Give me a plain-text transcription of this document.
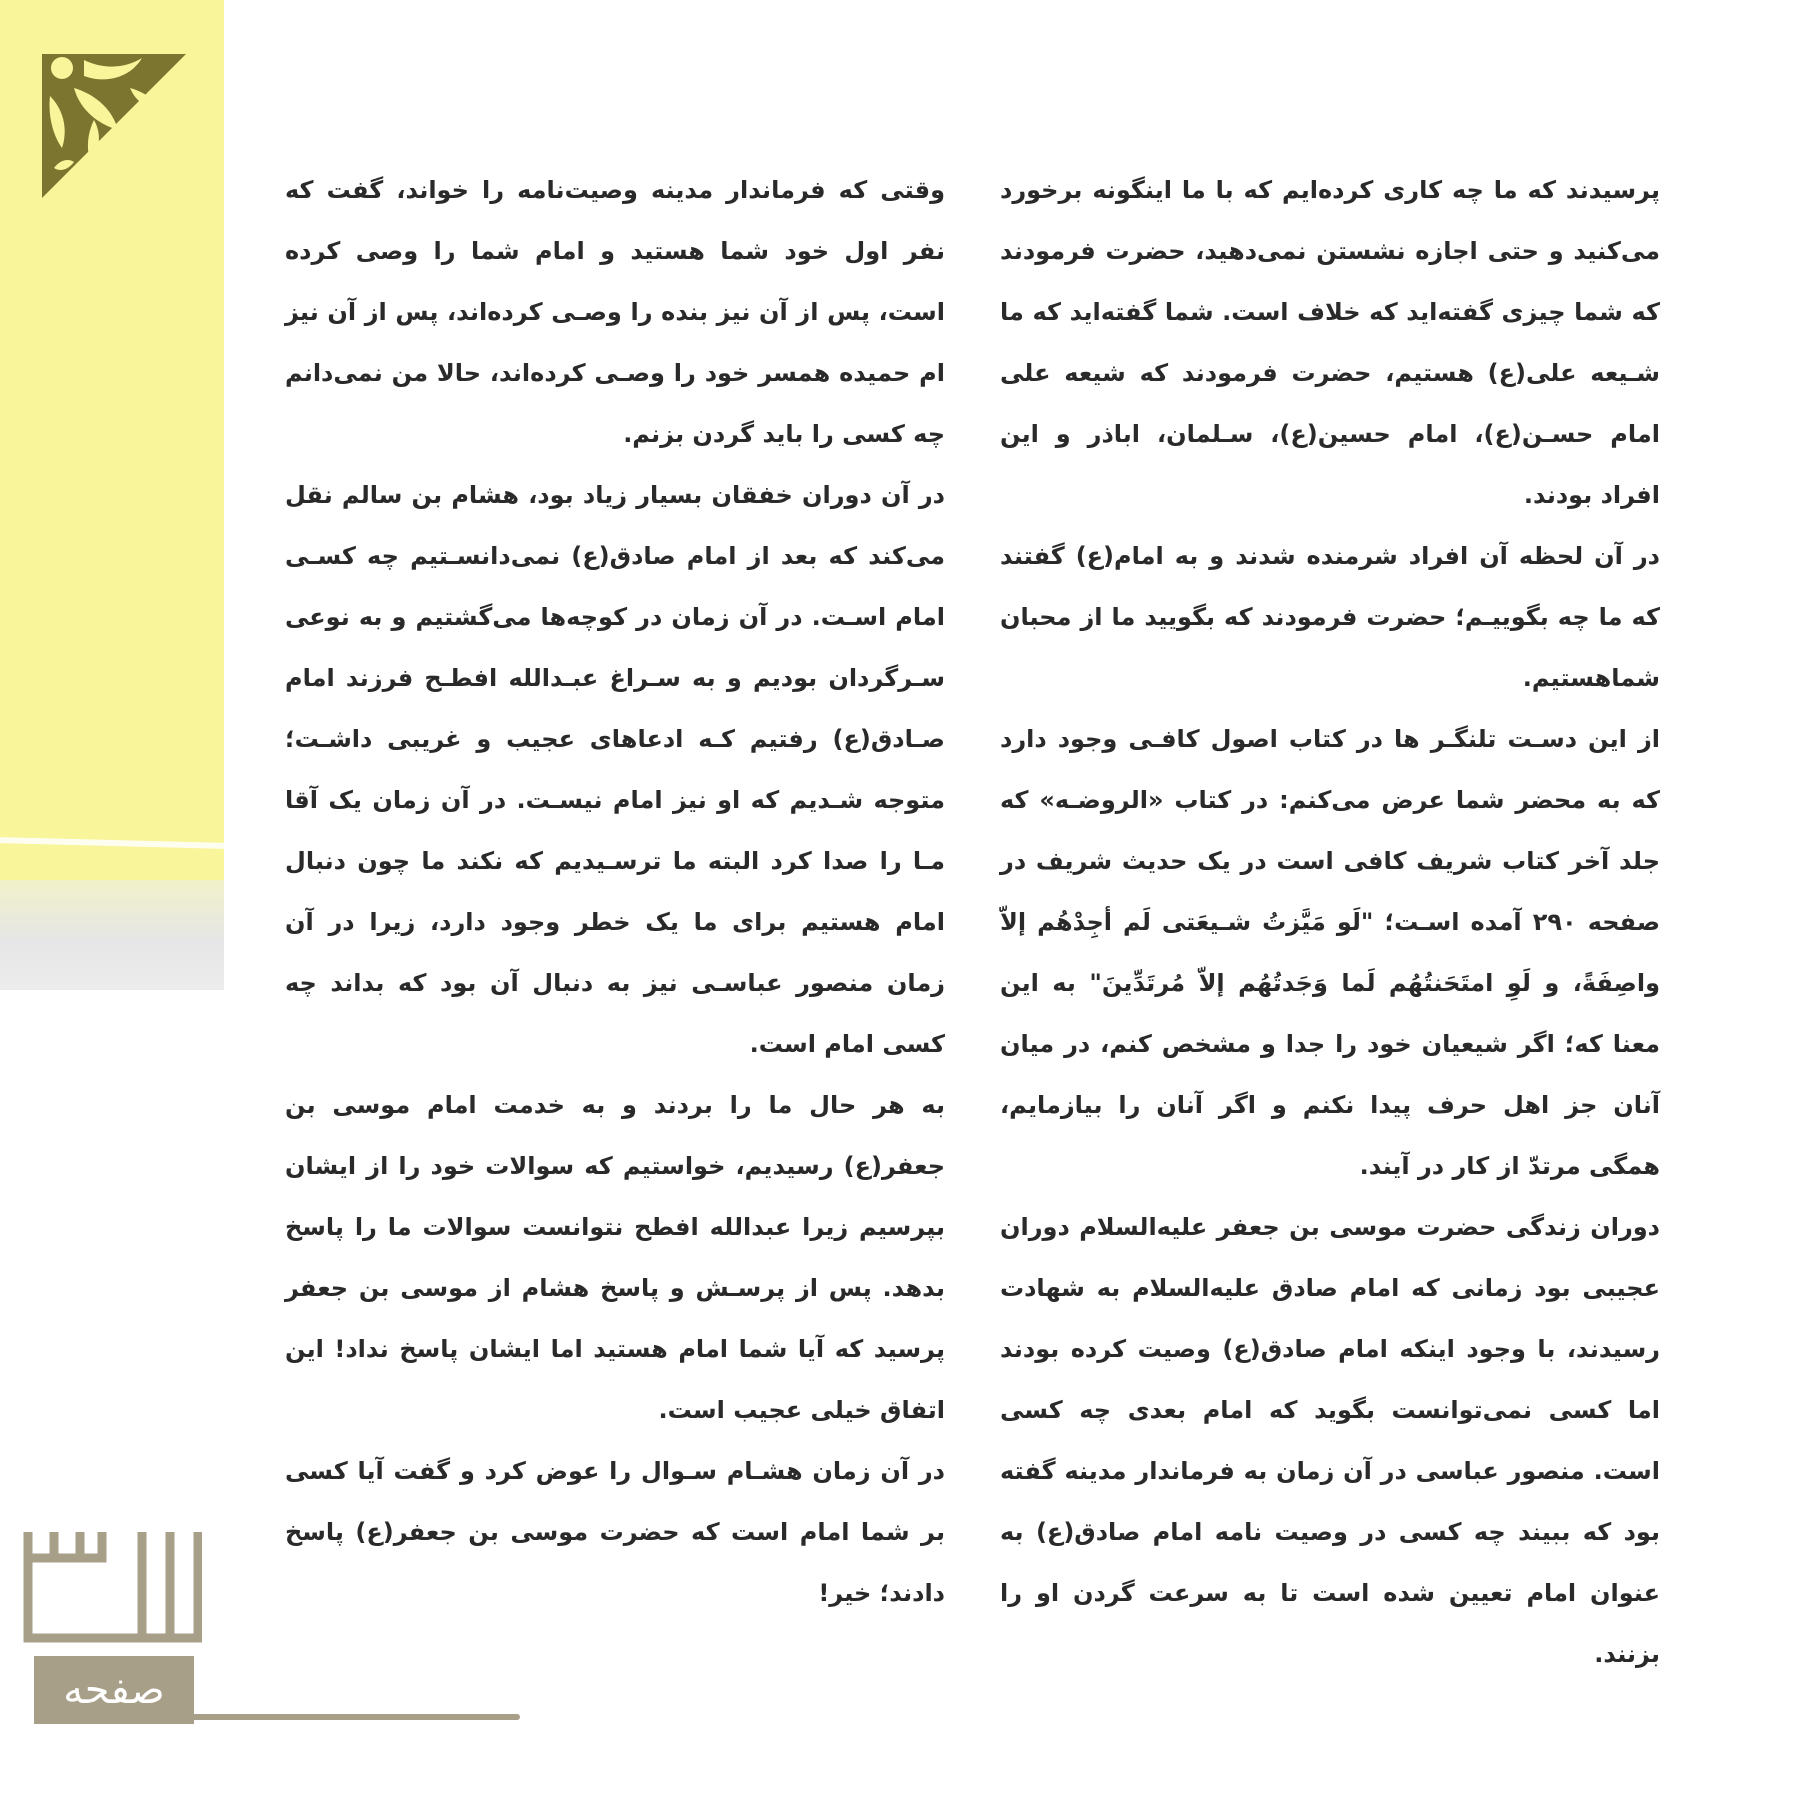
پرسیدند که ما چه کاری کرده‌ایم که با ما اینگونه برخورد می‌کنید و حتی اجازه نشستن نمی‌دهید، حضرت فرمودند که شما چیزی گفته‌اید که خلاف است. شما گفته‌اید که ما شـیعه علی(ع) هستیم، حضرت فرمودند که شیعه علی امام حسـن(ع)، امام حسین(ع)، سـلمان، اباذر و این افراد بودند.

در آن لحظه آن افراد شرمنده شدند و به امام(ع) گفتند که ما چه بگوییـم؛ حضرت فرمودند که بگویید ما از محبان شماهستیم.

از این دسـت تلنگـر ها در کتاب اصول کافـی وجود دارد که به محضر شما عرض می‌کنم: در کتاب «الروضـه» که جلد آخر کتاب شریف کافی است در یک حدیث شریف در صفحه ۲۹۰ آمده اسـت؛ "لَو مَیَّزتُ شـیعَتی لَم أجِدْهُم إلاّ واصِفَةً، و لَوِ امتَحَنتُهُم لَما وَجَدتُهُم إلاّ مُرتَدِّینَ" به این معنا که؛ اگر شیعیان خود را جدا و مشخص کنم، در میان آنان جز اهل حرف پیدا نکنم و اگر آنان را بیازمایم، همگی مرتدّ از کار در آیند.

دوران زندگی حضرت موسی بن جعفر علیه‌السلام دوران عجیبی بود زمانی که امام صادق علیه‌السلام به شهادت رسیدند، با وجود اینکه امام صادق(ع) وصیت کرده بودند اما کسی نمی‌توانست بگوید که امام بعدی چه کسی است. منصور عباسی در آن زمان به فرماندار مدینه گفته بود که ببیند چه کسی در وصیت نامه امام صادق(ع) به عنوان امام تعیین شده است تا به سرعت گردن او را بزنند.

وقتی که فرماندار مدینه وصیت‌نامه را خواند، گفت که نفر اول خود شما هستید و امام شما را وصی کرده است، پس از آن نیز بنده را وصـی کرده‌اند، پس از آن نیز ام حمیده همسر خود را وصـی کرده‌اند، حالا من نمی‌دانم چه کسی را باید گردن بزنم.

در آن دوران خفقان بسیار زیاد بود، هشام بن سالم نقل می‌کند که بعد از امام صادق(ع) نمی‌دانسـتیم چه کسـی امام اسـت. در آن زمان در کوچه‌ها می‌گشتیم و به نوعی سـرگردان بودیم و به سـراغ عبـدالله افطـح فرزند امام صـادق(ع) رفتیم کـه ادعاهای عجیب و غریبی داشـت؛ متوجه شـدیم که او نیز امام نیسـت. در آن زمان یک آقا مـا را صدا کرد البته ما ترسـیدیم که نکند ما چون دنبال امام هستیم برای ما یک خطر وجود دارد، زیرا در آن زمان منصور عباسـی نیز به دنبال آن بود که بداند چه کسی امام است.

به هر حال ما را بردند و به خدمت امام موسی بن جعفر(ع) رسیدیم، خواستیم که سوالات خود را از ایشان بپرسیم زیرا عبدالله افطح نتوانست سوالات ما را پاسخ بدهد. پس از پرسـش و پاسخ هشام از موسی بن جعفر پرسید که آیا شما امام هستید اما ایشان پاسخ نداد! این اتفاق خیلی عجیب است.

در آن زمان هشـام سـوال را عوض کرد و گفت آیا کسی بر شما امام است که حضرت موسی بن جعفر(ع) پاسخ دادند؛ خیر!

صفحه
